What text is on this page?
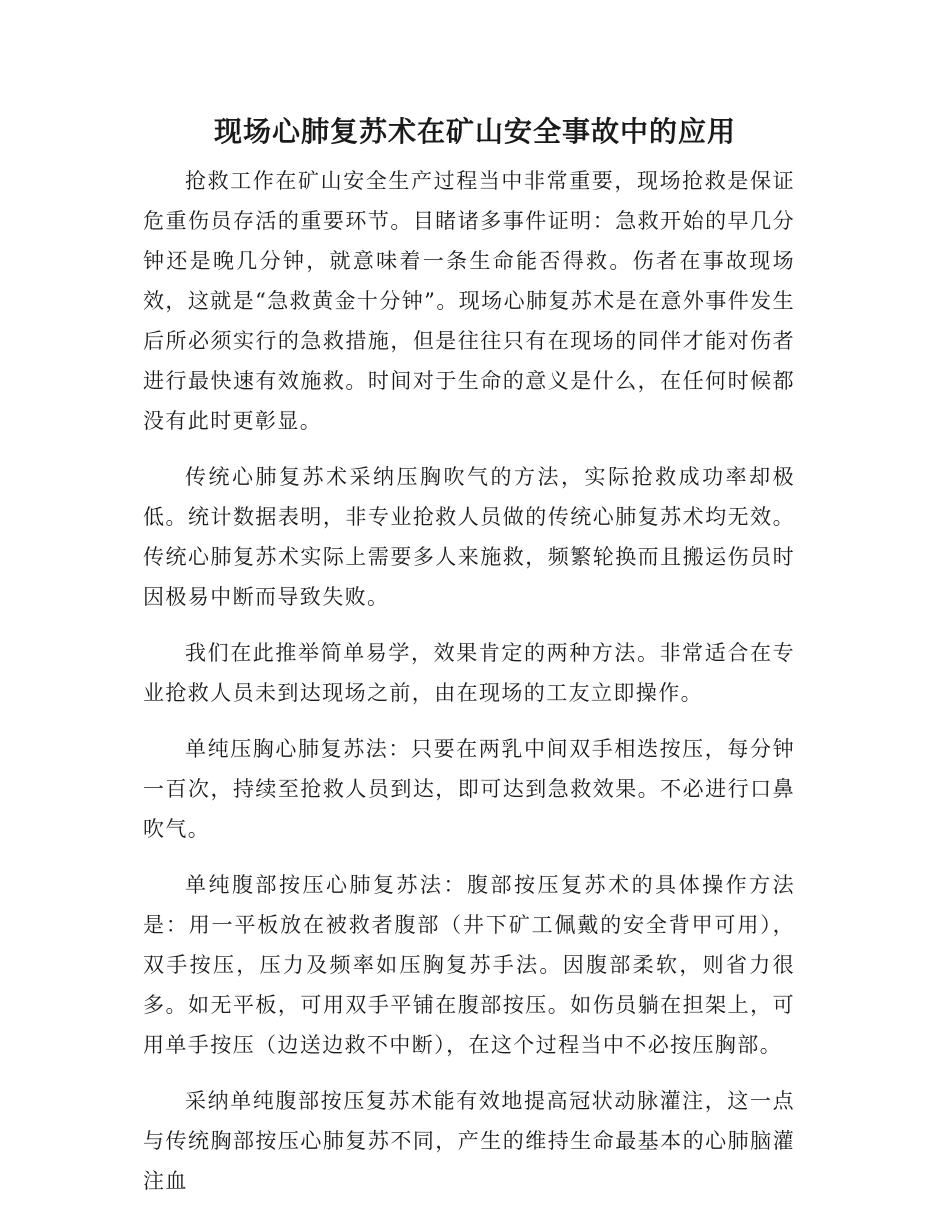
现场心肺复苏术在矿山安全事故中的应用

抢救工作在矿山安全生产过程当中非常重要，现场抢救是保证危重伤员存活的重要环节。目睹诸多事件证明：急救开始的早几分钟还是晚几分钟，就意味着一条生命能否得救。伤者在事故现场效，这就是“急救黄金十分钟”。现场心肺复苏术是在意外事件发生后所必须实行的急救措施，但是往往只有在现场的同伴才能对伤者进行最快速有效施救。时间对于生命的意义是什么，在任何时候都没有此时更彰显。

传统心肺复苏术采纳压胸吹气的方法，实际抢救成功率却极低。统计数据表明，非专业抢救人员做的传统心肺复苏术均无效。传统心肺复苏术实际上需要多人来施救，频繁轮换而且搬运伤员时因极易中断而导致失败。

我们在此推举简单易学，效果肯定的两种方法。非常适合在专业抢救人员未到达现场之前，由在现场的工友立即操作。

单纯压胸心肺复苏法：只要在两乳中间双手相迭按压，每分钟一百次，持续至抢救人员到达，即可达到急救效果。不必进行口鼻吹气。

单纯腹部按压心肺复苏法：腹部按压复苏术的具体操作方法是：用一平板放在被救者腹部（井下矿工佩戴的安全背甲可用），双手按压，压力及频率如压胸复苏手法。因腹部柔软，则省力很多。如无平板，可用双手平铺在腹部按压。如伤员躺在担架上，可用单手按压（边送边救不中断），在这个过程当中不必按压胸部。

采纳单纯腹部按压复苏术能有效地提高冠状动脉灌注，这一点与传统胸部按压心肺复苏不同，产生的维持生命最基本的心肺脑灌注血
